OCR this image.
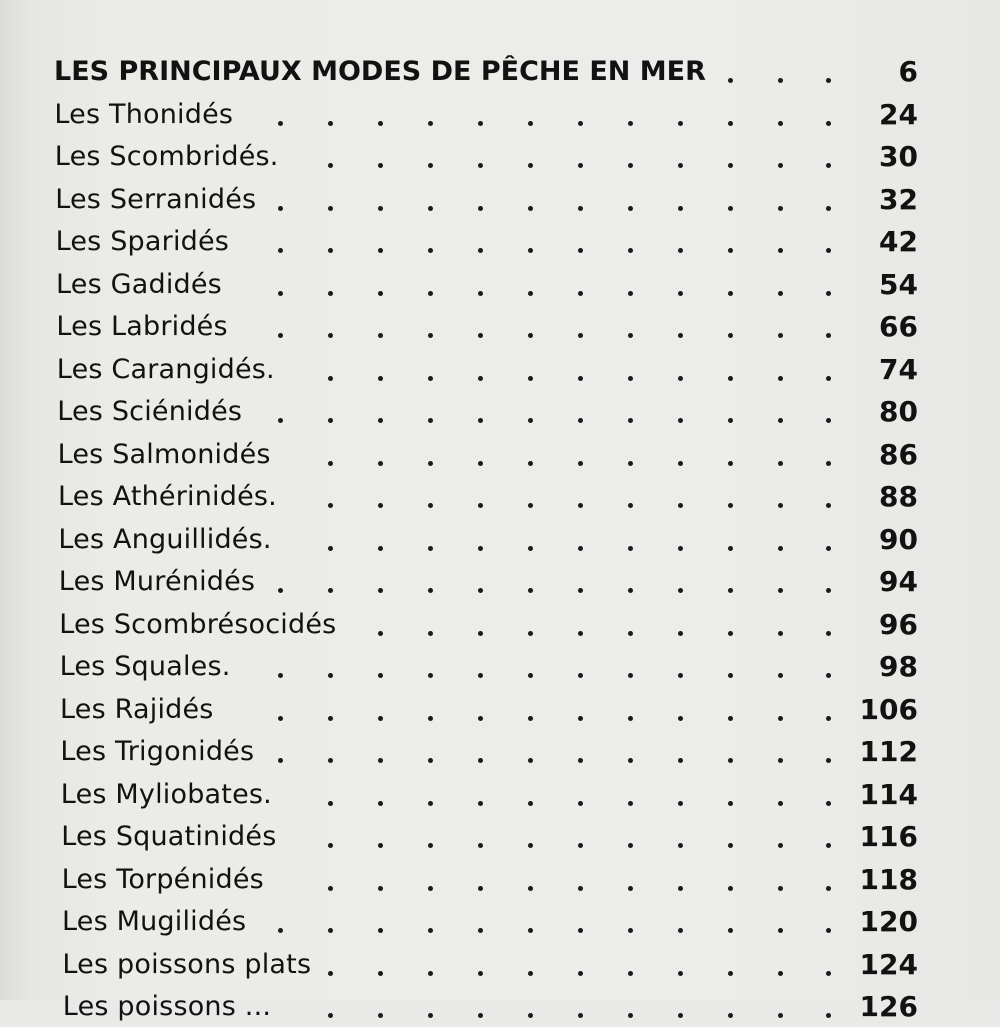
LES PRINCIPAUX MODES DE PÊCHE EN MER	6
Les Thonidés	24
Les Scombridés.	30
Les Serranidés	32
Les Sparidés	42
Les Gadidés	54
Les Labridés	66
Les Carangidés.	74
Les Sciénidés	80
Les Salmonidés	86
Les Athérinidés.	88
Les Anguillidés.	90
Les Murénidés	94
Les Scombrésocidés	96
Les Squales.	98
Les Rajidés	106
Les Trigonidés	112
Les Myliobates.	114
Les Squatinidés	116
Les Torpénidés	118
Les Mugilidés	120
Les poissons plats	124
Les poissons ...	126
